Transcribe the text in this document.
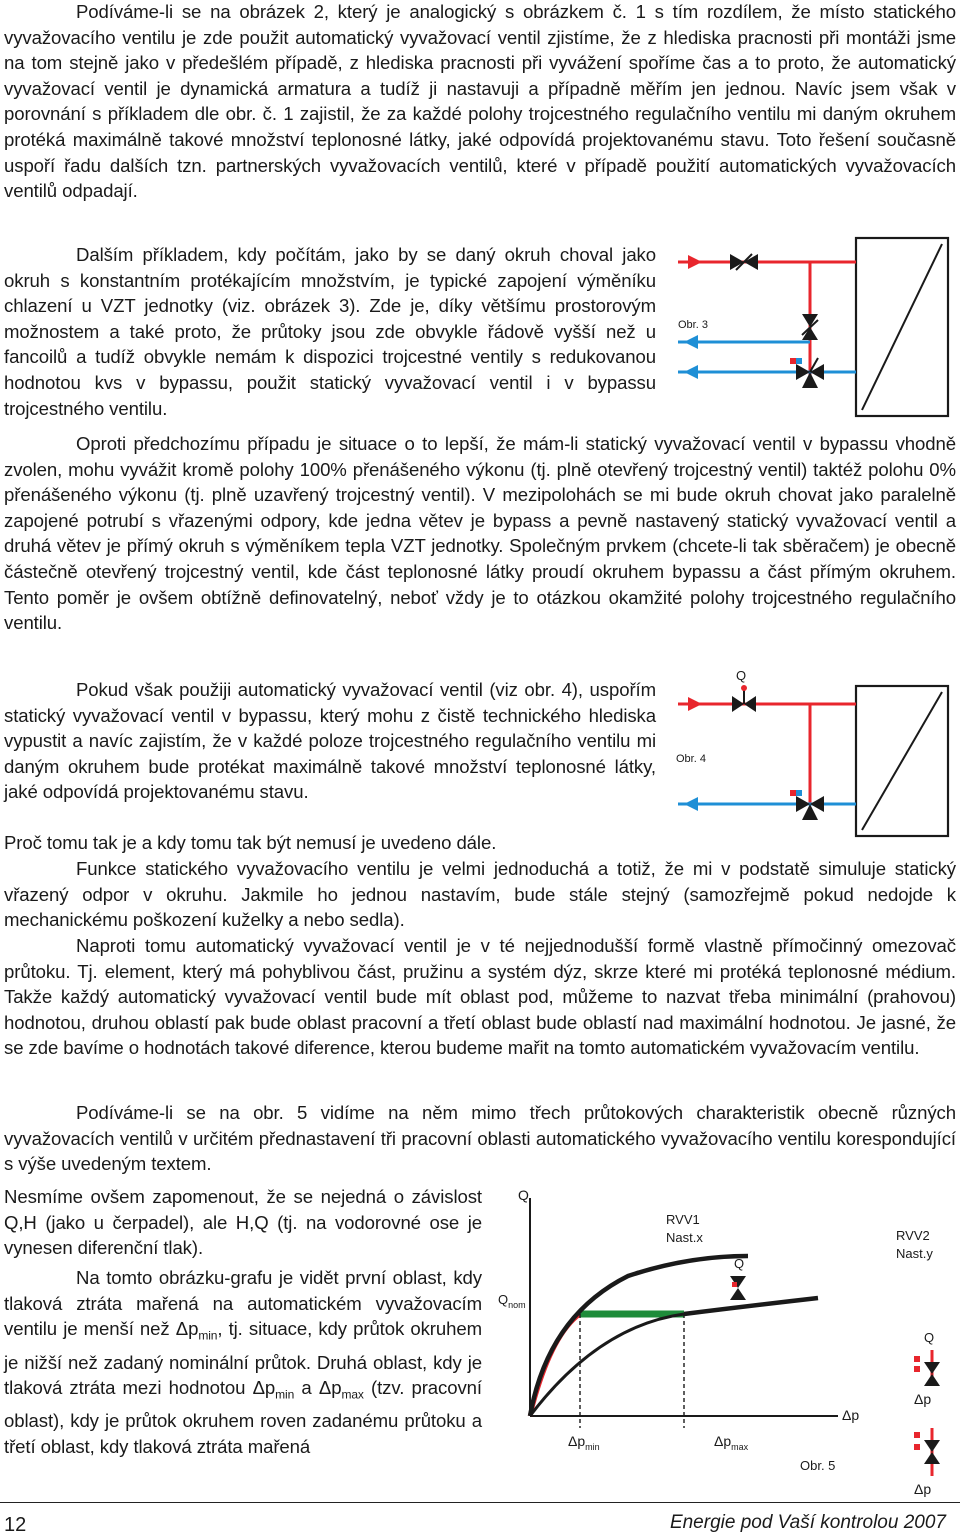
Podíváme-li se na obrázek 2, který je analogický s obrázkem č. 1 s tím rozdílem, že místo statického vyvažovacího ventilu je zde použit automatický vyvažovací ventil zjistíme, že z hlediska pracnosti při montáži jsme na tom stejně jako v předešlém případě, z hlediska pracnosti při vyvážení spoříme čas a to proto, že automatický vyvažovací ventil je dynamická armatura a tudíž ji nastavuji a případně měřím jen jednou. Navíc jsem však v porovnání s příkladem dle obr. č. 1 zajistil, že za každé polohy trojcestného regulačního ventilu mi daným okruhem protéká maximálně takové množství teplonosné látky, jaké odpovídá projektovanému stavu. Toto řešení současně uspoří řadu dalších tzn. partnerských vyvažovacích ventilů, které v případě použití automatických vyvažovacích ventilů odpadají.

Dalším příkladem, kdy počítám, jako by se daný okruh choval jako okruh s konstantním protékajícím množstvím, je typické zapojení výměníku chlazení u VZT jednotky (viz. obrázek 3). Zde je, díky většímu prostorovým možnostem a také proto, že průtoky jsou zde obvykle řádově vyšší než u fancoilů a tudíž obvykle nemám k dispozici trojcestné ventily s redukovanou hodnotou kvs v bypassu, použit statický vyvažovací ventil i v bypassu trojcestného ventilu.

Obr. 3

Oproti předchozímu případu je situace o to lepší, že mám-li statický vyvažovací ventil v bypassu vhodně zvolen, mohu vyvážit kromě polohy 100% přenášeného výkonu (tj. plně otevřený trojcestný ventil) taktéž polohu 0% přenášeného výkonu (tj. plně uzavřený trojcestný ventil). V mezipolohách se mi bude okruh chovat jako paralelně zapojené potrubí s vřazenými odpory, kde jedna větev je bypass a pevně nastavený statický vyvažovací ventil a druhá větev je přímý okruh s výměníkem tepla VZT jednotky. Společným prvkem (chcete-li tak sběračem) je obecně částečně otevřený trojcestný ventil, kde část teplonosné látky proudí okruhem bypassu a část přímým okruhem. Tento poměr je ovšem obtížně definovatelný, neboť vždy je to otázkou okamžité polohy trojcestného regulačního ventilu.

Pokud však použiji automatický vyvažovací ventil (viz obr. 4), uspořím statický vyvažovací ventil v bypassu, který mohu z čistě technického hlediska vypustit a navíc zajistím, že v každé poloze trojcestného regulačního ventilu mi daným okruhem bude protékat maximálně takové množství teplonosné látky, jaké odpovídá projektovanému stavu.

Q
Obr. 4

Proč tomu tak je a kdy tomu tak být nemusí je uvedeno dále.

Funkce statického vyvažovacího ventilu je velmi jednoduchá a totiž, že mi v podstatě simuluje statický vřazený odpor v okruhu. Jakmile ho jednou nastavím, bude stále stejný (samozřejmě pokud nedojde k mechanickému poškození kuželky a nebo sedla).

Naproti tomu automatický vyvažovací ventil je v té nejjednodušší formě vlastně přímočinný omezovač průtoku. Tj. element, který má pohyblivou část, pružinu a systém dýz, skrze které mi protéká teplonosné médium. Takže každý automatický vyvažovací ventil bude mít oblast pod, můžeme to nazvat třeba minimální (prahovou) hodnotou, druhou oblastí pak bude oblast pracovní a třetí oblast bude oblastí nad maximální hodnotou. Je jasné, že se zde bavíme o hodnotách takové diference, kterou budeme mařit na tomto automatickém vyvažovacím ventilu.

Podíváme-li se na obr. 5 vidíme na něm mimo třech průtokových charakteristik obecně různých vyvažovacích ventilů v určitém přednastavení tři pracovní oblasti automatického vyvažovacího ventilu korespondující s výše uvedeným textem.

Nesmíme ovšem zapomenout, že se nejedná o závislost Q,H (jako u čerpadel), ale H,Q (tj. na vodorovné ose je vynesen diferenční tlak).

Na tomto obrázku-grafu je vidět první oblast, kdy tlaková ztráta mařená na automatickém vyvažovacím ventilu je menší než $\Delta p_{min}$, tj. situace, kdy průtok okruhem je nižší než zadaný nominální průtok. Druhá oblast, kdy je tlaková ztráta mezi hodnotou $\Delta p_{min}$ a $\Delta p_{max}$ (tzv. pracovní oblast), kdy je průtok okruhem roven zadanému průtoku a třetí oblast, kdy tlaková ztráta mařená

Q
$Q_{nom}$
RVV1
Nast.x	RVV2
Nast.y
Q
Q
Δp
Δp
Δp
$\Delta p_{min}$	$\Delta p_{max}$
Obr. 5
12	Energie pod Vaší kontrolou 2007
